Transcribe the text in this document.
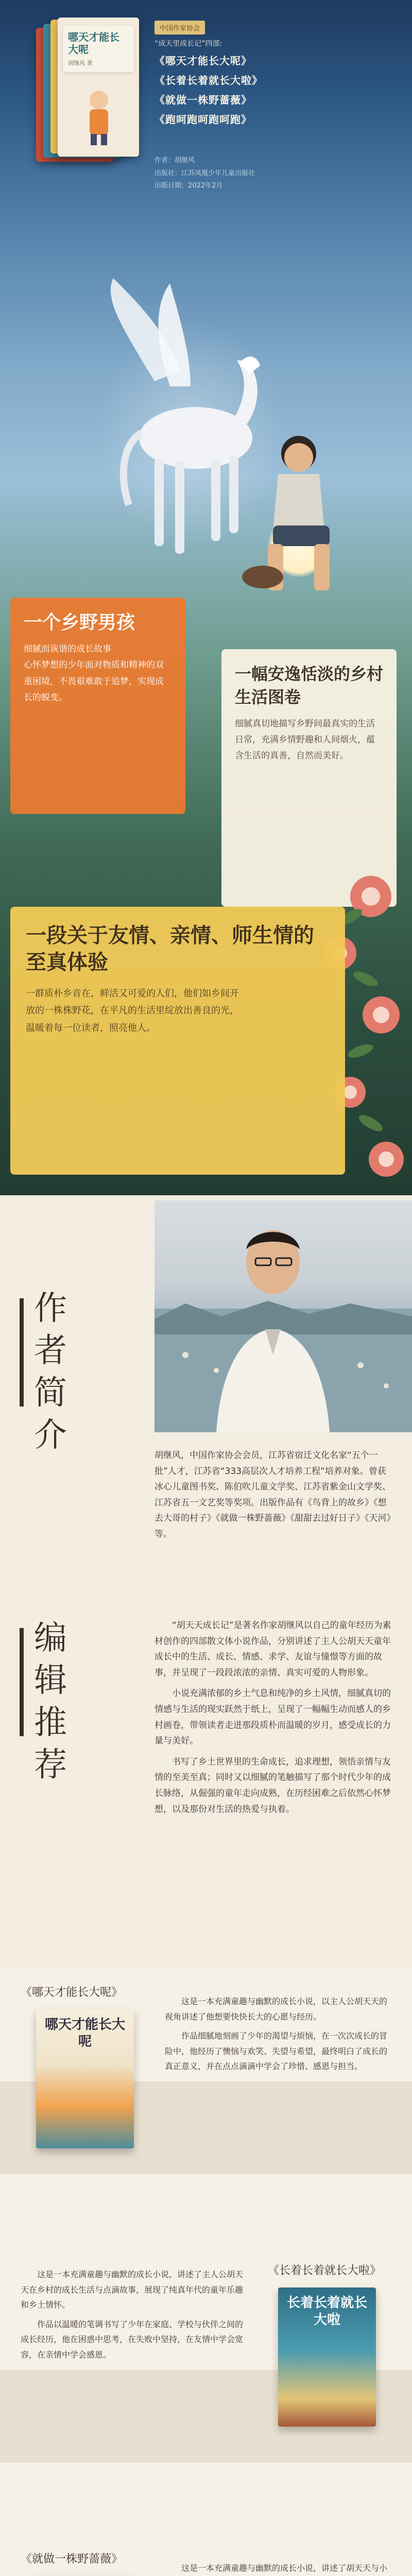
哪天才能长大呢
胡继风 著
中国作家协会
“成天里成长记”四部:
《哪天才能长大呢》
《长着长着就长大啦》
《就做一株野蔷薇》
《跑呵跑呵跑呵跑》
作者：胡继风
出版社：江苏凤凰少年儿童出版社
出版日期：2022年2月
一个乡野男孩
细腻而诙谐的成长故事
心怀梦想的少年面对物质和精神的双重困境，不畏艰难敢于追梦，实现成长的蜕变。
一幅安逸恬淡的乡村生活图卷
细腻真切地描写乡野间最真实的生活日常，充满乡情野趣和人间烟火，蕴含生活的真善，自然而美好。
一段关于友情、亲情、师生情的至真体验
一群质朴乡音在，鲜活又可爱的人们，他们如乡间开放的一株株野花，在平凡的生活里绽放出善良的光，温暖着每一位读者，照亮他人。
作
者
简
介
胡继风，中国作家协会会员，江苏省宿迁文化名家“五个一批”人才，江苏省“333高层次人才培养工程”培养对象。曾获冰心儿童图书奖、陈伯吹儿童文学奖、江苏省紫金山文学奖、江苏省五一文艺奖等奖项。出版作品有《鸟背上的故乡》《想去大哥的村子》《就做一株野蔷薇》《甜甜去过好日子》《天河》等。
编
辑
推
荐

“胡天天成长记”是著名作家胡继风以自己的童年经历为素材创作的四部散文体小说作品，分别讲述了主人公胡天天童年成长中的生活、成长、情感、求学、友谊与憧憬等方面的故事，并呈现了一段段浓浓的亲情、真实可爱的人物形象。

小说充满浓郁的乡土气息和纯净的乡土风情，细腻真切的情感与生活的现实跃然于纸上，呈现了一幅幅生动而感人的乡村画卷，带领读者走进那段质朴而温暖的岁月，感受成长的力量与美好。

书写了乡土世界里的生命成长，追求理想，领悟亲情与友情的至美至真；同时又以细腻的笔触描写了那个时代少年的成长脉络，从倔强的童年走向成熟，在历经困难之后依然心怀梦想，以及那份对生活的热爱与执着。

《哪天才能长大呢》
哪天才能长大呢

这是一本充满童趣与幽默的成长小说，以主人公胡天天的视角讲述了他想要快快长大的心愿与经历。

作品细腻地刻画了少年的渴望与烦恼，在一次次成长的冒险中，他经历了懊恼与欢笑、失望与希望，最终明白了成长的真正意义，并在点点滴滴中学会了珍惜、感恩与担当。

《长着长着就长大啦》

这是一本充满童趣与幽默的成长小说，讲述了主人公胡天天在乡村的成长生活与点滴故事，展现了纯真年代的童年乐趣和乡土情怀。

作品以温暖的笔调书写了少年在家庭、学校与伙伴之间的成长经历，他在困惑中思考，在失败中坚持，在友情中学会宽容，在亲情中学会感恩。

长着长着就长大啦
《就做一株野蔷薇》

这是一本充满童趣与幽默的成长小说，讲述了胡天天与小
